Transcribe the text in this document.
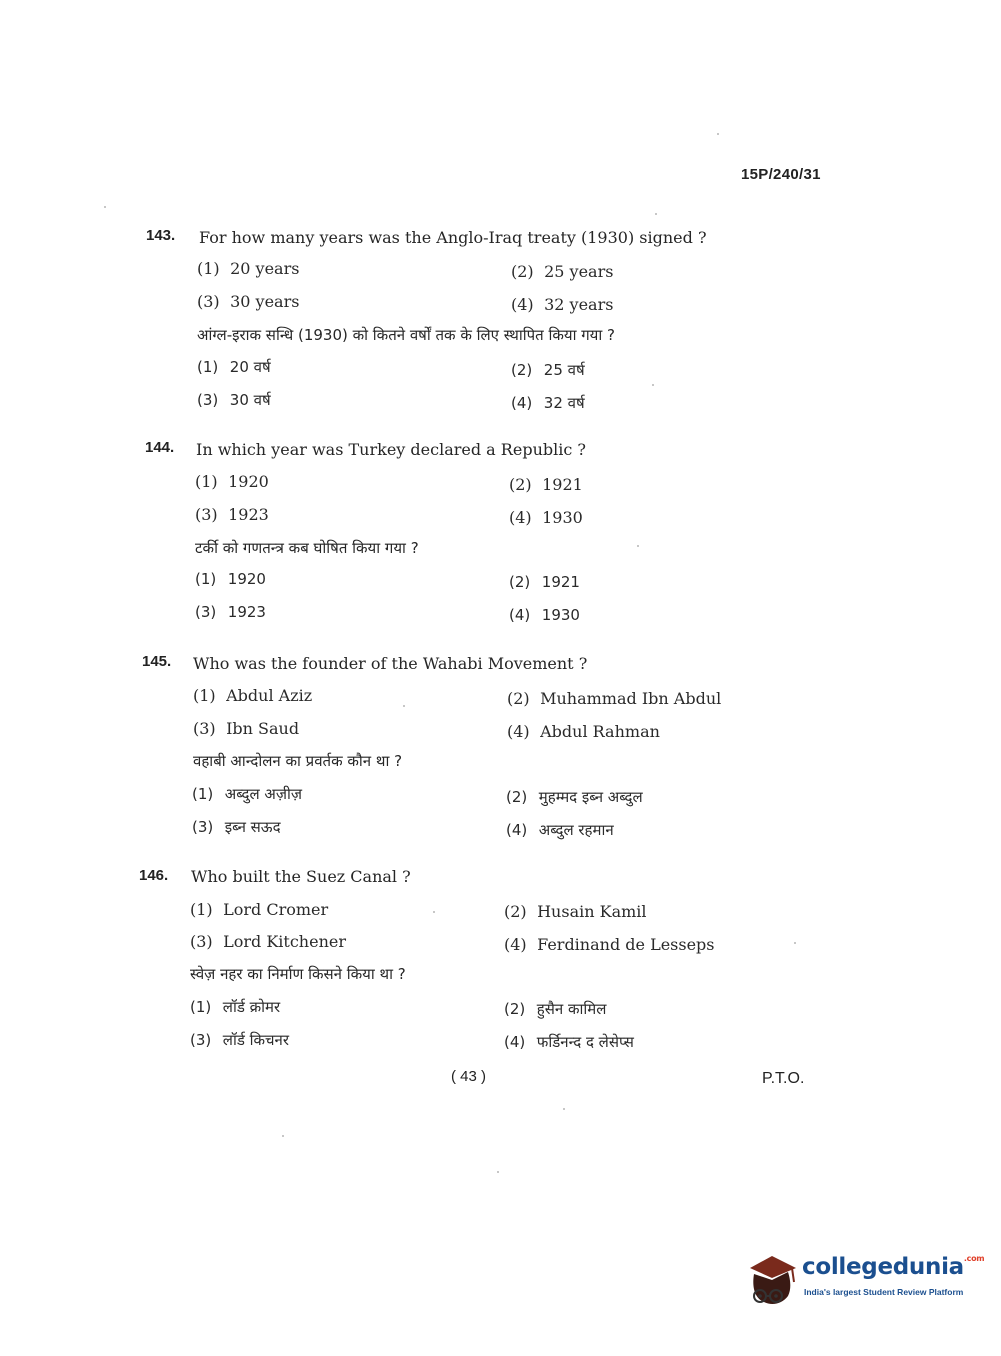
15P/240/31
143. For how many years was the Anglo-Iraq treaty (1930) signed ?
(1) 20 years	(2) 25 years
(3) 30 years	(4) 32 years
आंग्ल-इराक सन्धि (1930) को कितने वर्षों तक के लिए स्थापित किया गया ?
(1) 20 वर्ष	(2) 25 वर्ष
(3) 30 वर्ष	(4) 32 वर्ष
144. In which year was Turkey declared a Republic ?
(1) 1920	(2) 1921
(3) 1923	(4) 1930
टर्की को गणतन्त्र कब घोषित किया गया ?
(1) 1920	(2) 1921
(3) 1923	(4) 1930
145. Who was the founder of the Wahabi Movement ?
(1) Abdul Aziz	(2) Muhammad Ibn Abdul
(3) Ibn Saud	(4) Abdul Rahman
वहाबी आन्दोलन का प्रवर्तक कौन था ?
(1) अब्दुल अज़ीज़	(2) मुहम्मद इब्न अब्दुल
(3) इब्न सऊद	(4) अब्दुल रहमान
146. Who built the Suez Canal ?
(1) Lord Cromer	(2) Husain Kamil
(3) Lord Kitchener	(4) Ferdinand de Lesseps
स्वेज़ नहर का निर्माण किसने किया था ?
(1) लॉर्ड क्रोमर	(2) हुसैन कामिल
(3) लॉर्ड किचनर	(4) फर्डिनन्द द लेसेप्स
( 43 )	P.T.O.
collegedunia$^{.com}$
India's largest Student Review Platform
